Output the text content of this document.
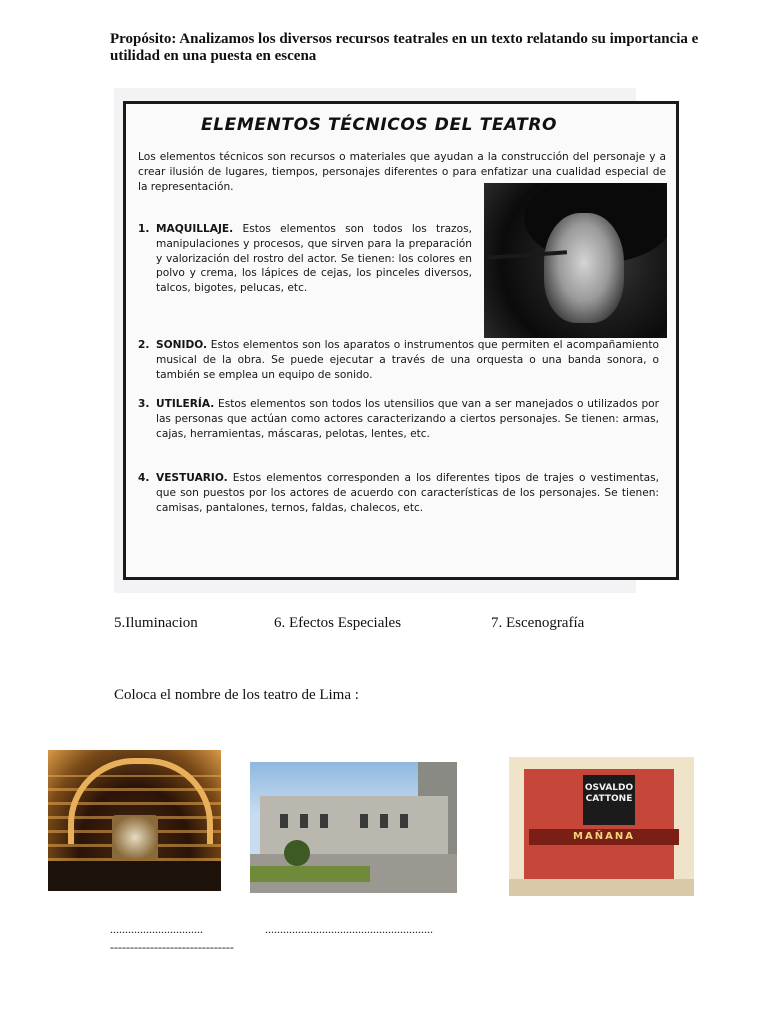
Propósito: Analizamos los diversos recursos teatrales en un texto relatando su importancia e utilidad en una puesta en escena
ELEMENTOS TÉCNICOS DEL TEATRO
Los elementos técnicos son recursos o materiales que ayudan a la construcción del personaje y a crear ilusión de lugares, tiempos, personajes diferentes o para enfatizar una cualidad especial de la representación.
1. MAQUILLAJE. Estos elementos son todos los trazos, manipulaciones y procesos, que sirven para la preparación y valorización del rostro del actor. Se tienen: los colores en polvo y crema, los lápices de cejas, los pinceles diversos, talcos, bigotes, pelucas, etc.
2. SONIDO. Estos elementos son los aparatos o instrumentos que permiten el acompañamiento musical de la obra. Se puede ejecutar a través de una orquesta o una banda sonora, o también se emplea un equipo de sonido.
3. UTILERÍA. Estos elementos son todos los utensilios que van a ser manejados o utilizados por las personas que actúan como actores caracterizando a ciertos personajes. Se tienen: armas, cajas, herramientas, máscaras, pelotas, lentes, etc.
4. VESTUARIO. Estos elementos corresponden a los diferentes tipos de trajes o vestimentas, que son puestos por los actores de acuerdo con características de los personajes. Se tienen: camisas, pantalones, ternos, faldas, chalecos, etc.
5.Iluminacion	6. Efectos Especiales	7. Escenografía
Coloca el nombre de los teatro de Lima :
OSVALDO CATTONE
MAÑANA
...............................	........................................................
-------------------------------
